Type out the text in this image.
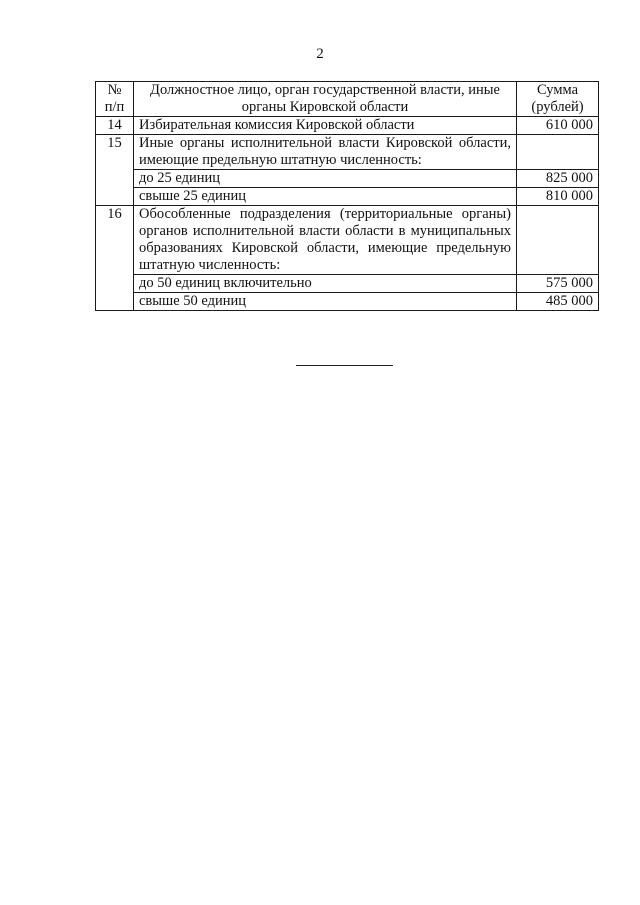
2
№ п/п	Должностное лицо, орган государственной власти, иные органы Кировской области	Сумма (рублей)
14	Избирательная комиссия Кировской области	610 000
15	Иные органы исполнительной власти Кировской области, имеющие предельную штатную численность:	
	до 25 единиц	825 000
	свыше 25 единиц	810 000
16	Обособленные подразделения (территориальные органы) органов исполнительной власти области в муниципальных образованиях Кировской области, имеющие предельную штатную численность:	
	до 50 единиц включительно	575 000
	свыше 50 единиц	485 000
